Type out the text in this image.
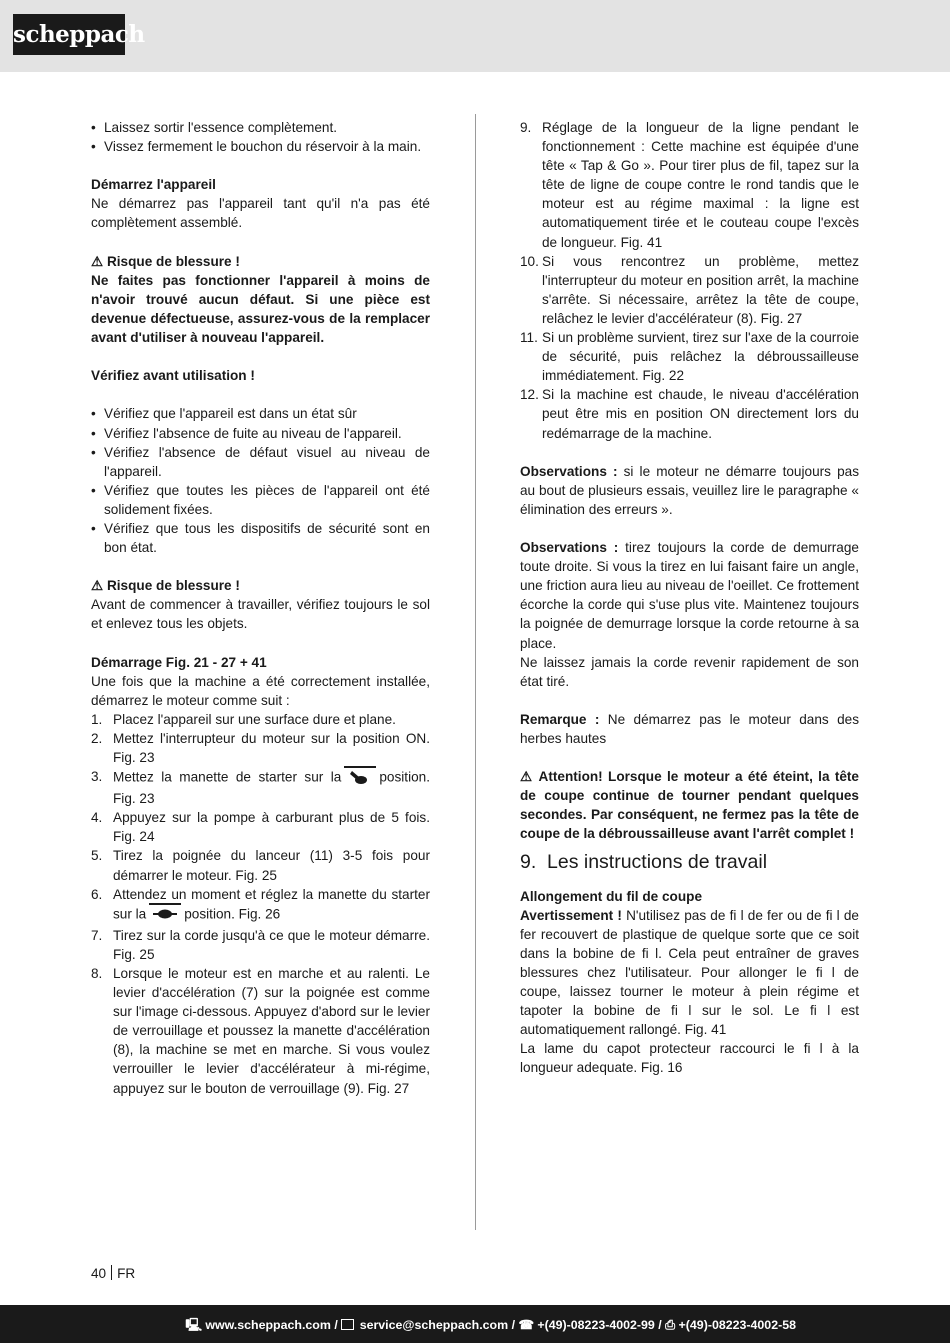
scheppach
• Laissez sortir l'essence complètement.
• Vissez fermement le bouchon du réservoir à la main.

Démarrez l'appareil

Ne démarrez pas l'appareil tant qu'il n'a pas été complètement assemblé.

⚠ Risque de blessure !

Ne faites pas fonctionner l'appareil à moins de n'avoir trouvé aucun défaut. Si une pièce est devenue défectueuse, assurez-vous de la remplacer avant d'utiliser à nouveau l'appareil.

Vérifiez avant utilisation !

• Vérifiez que l'appareil est dans un état sûr
• Vérifiez l'absence de fuite au niveau de l'appareil.
• Vérifiez l'absence de défaut visuel au niveau de l'appareil.
• Vérifiez que toutes les pièces de l'appareil ont été solidement fixées.
• Vérifiez que tous les dispositifs de sécurité sont en bon état.

⚠ Risque de blessure !

Avant de commencer à travailler, vérifiez toujours le sol et enlevez tous les objets.

Démarrage Fig. 21 - 27 + 41

Une fois que la machine a été correctement installée, démarrez le moteur comme suit :

1. Placez l'appareil sur une surface dure et plane.
2. Mettez l'interrupteur du moteur sur la position ON. Fig. 23
3. Mettez la manette de starter sur la	position. Fig. 23
4. Appuyez sur la pompe à carburant plus de 5 fois. Fig. 24
5. Tirez la poignée du lanceur (11) 3-5 fois pour démarrer le moteur. Fig. 25
6. Attendez un moment et réglez la manette du starter sur la	position. Fig. 26
7. Tirez sur la corde jusqu'à ce que le moteur démarre. Fig. 25
8. Lorsque le moteur est en marche et au ralenti. Le levier d'accélération (7) sur la poignée est comme sur l'image ci-dessous. Appuyez d'abord sur le levier de verrouillage et poussez la manette d'accélération (8), la machine se met en marche. Si vous voulez verrouiller le levier d'accélérateur à mi-régime, appuyez sur le bouton de verrouillage (9). Fig. 27
9. Réglage de la longueur de la ligne pendant le fonctionnement : Cette machine est équipée d'une tête « Tap & Go ». Pour tirer plus de fil, tapez sur la tête de ligne de coupe contre le rond tandis que le moteur est au régime maximal : la ligne est automatiquement tirée et le couteau coupe l'excès de longueur. Fig. 41
10. Si vous rencontrez un problème, mettez l'interrupteur du moteur en position arrêt, la machine s'arrête. Si nécessaire, arrêtez la tête de coupe, relâchez le levier d'accélérateur (8). Fig. 27
11. Si un problème survient, tirez sur l'axe de la courroie de sécurité, puis relâchez la débroussailleuse immédiatement. Fig. 22
12. Si la machine est chaude, le niveau d'accélération peut être mis en position ON directement lors du redémarrage de la machine.

Observations : si le moteur ne démarre toujours pas au bout de plusieurs essais, veuillez lire le paragraphe « élimination des erreurs ».

Observations : tirez toujours la corde de demurrage toute droite. Si vous la tirez en lui faisant faire un angle, une friction aura lieu au niveau de l'oeillet. Ce frottement écorche la corde qui s'use plus vite. Maintenez toujours la poignée de demurrage lorsque la corde retourne à sa place.

Ne laissez jamais la corde revenir rapidement de son état tiré.

Remarque : Ne démarrez pas le moteur dans des herbes hautes

⚠ Attention! Lorsque le moteur a été éteint, la tête de coupe continue de tourner pendant quelques secondes. Par conséquent, ne fermez pas la tête de coupe de la débroussailleuse avant l'arrêt complet !

9. Les instructions de travail

Allongement du fil de coupe

Avertissement ! N'utilisez pas de fi l de fer ou de fi l de fer recouvert de plastique de quelque sorte que ce soit dans la bobine de fi l. Cela peut entraîner de graves blessures chez l'utilisateur. Pour allonger le fi l de coupe, laissez tourner le moteur à plein régime et tapoter la bobine de fi l sur le sol. Le fi l est automatiquement rallongé. Fig. 41

La lame du capot protecteur raccourci le fi l à la longueur adequate. Fig. 16

40 FR
🖳 www.scheppach.com /  service@scheppach.com / ☎ +(49)-08223-4002-99 / ⎙ +(49)-08223-4002-58
